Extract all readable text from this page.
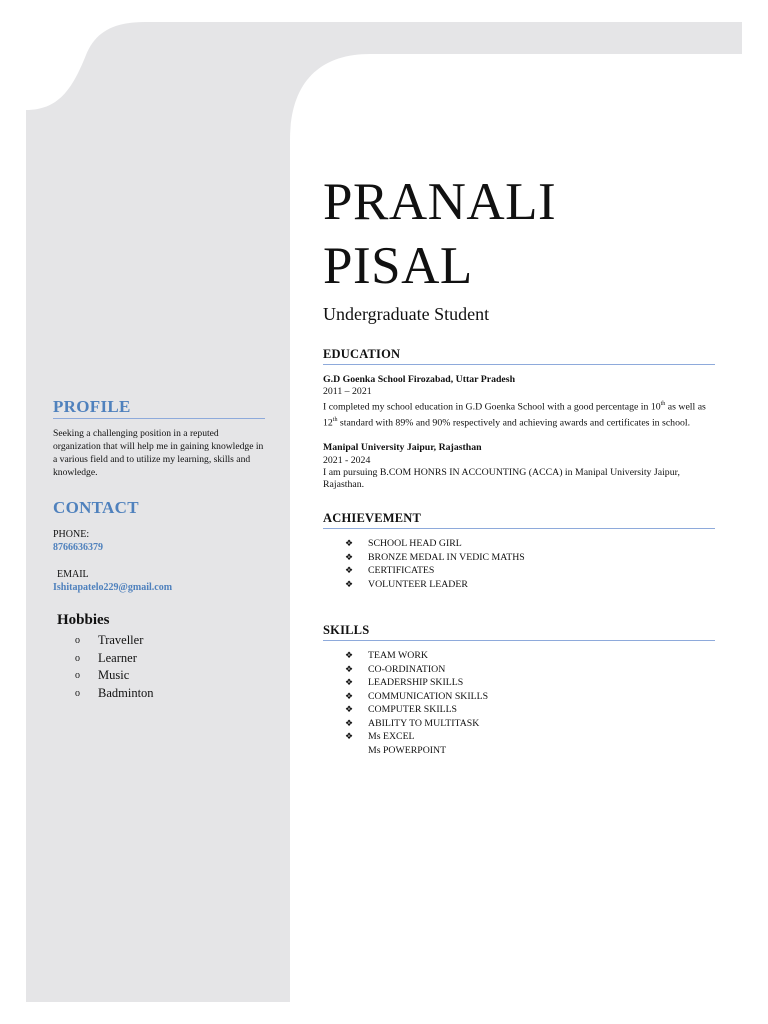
PROFILE
Seeking a challenging position in a reputed organization that will help me in gaining knowledge in a various field and to utilize my learning, skills and knowledge.
CONTACT
PHONE:
8766636379
EMAIL
Ishitapatelo229@gmail.com
Hobbies
o	Traveller
o	Learner
o	Music
o	Badminton
PRANALI
PISAL
Undergraduate Student
EDUCATION
G.D Goenka School Firozabad, Uttar Pradesh
2011 – 2021
I completed my school education in G.D Goenka School with a good percentage in 10th as well as 12th standard with 89% and 90% respectively and achieving awards and certificates in school.
Manipal University Jaipur, Rajasthan
2021 - 2024
I am pursuing B.COM HONRS IN ACCOUNTING (ACCA) in Manipal University Jaipur, Rajasthan.
ACHIEVEMENT
❖	SCHOOL HEAD GIRL
❖	BRONZE MEDAL IN VEDIC MATHS
❖	CERTIFICATES
❖	VOLUNTEER LEADER
SKILLS
❖	TEAM WORK
❖	CO-ORDINATION
❖	LEADERSHIP SKILLS
❖	COMMUNICATION SKILLS
❖	COMPUTER SKILLS
❖	ABILITY TO MULTITASK
❖	Ms EXCEL
Ms POWERPOINT
